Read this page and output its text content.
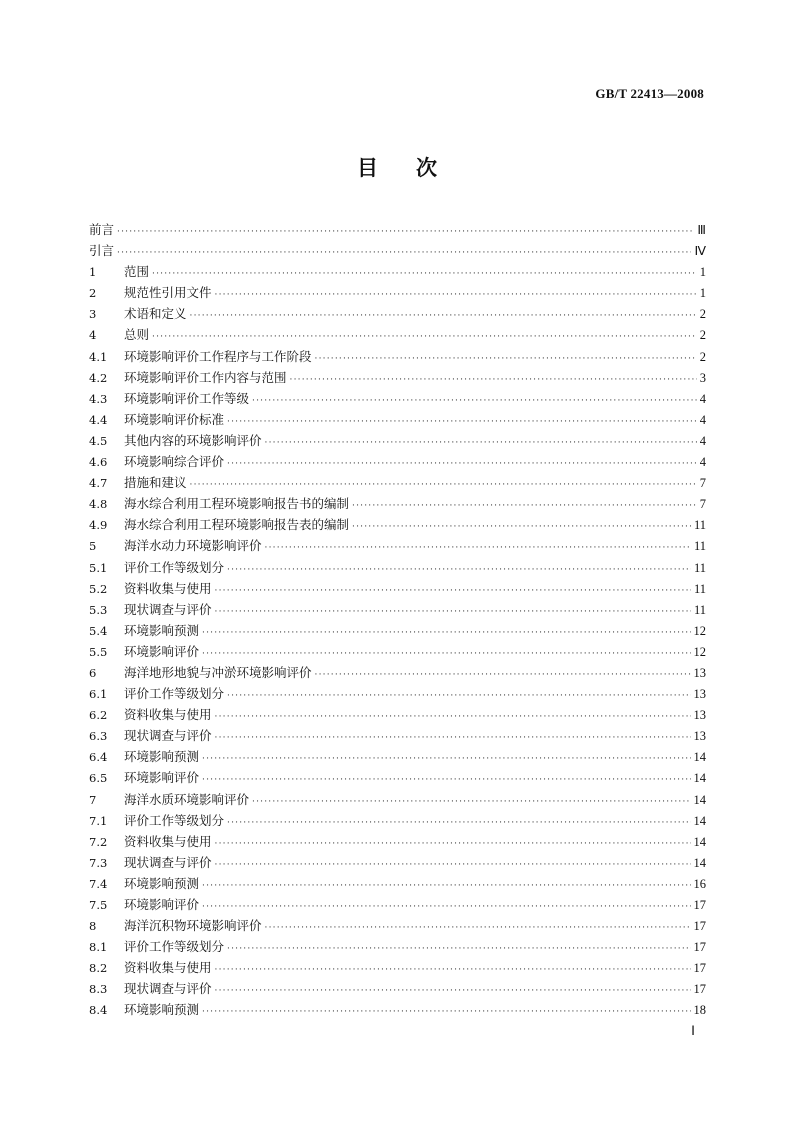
GB/T 22413—2008
目次
前言 ·····	Ⅲ
引言 ·····	Ⅳ
1	范围 ·····	1
2	规范性引用文件 ·····	1
3	术语和定义 ·····	2
4	总则 ·····	2
4.1	环境影响评价工作程序与工作阶段 ·····	2
4.2	环境影响评价工作内容与范围 ·····	3
4.3	环境影响评价工作等级 ·····	4
4.4	环境影响评价标准 ·····	4
4.5	其他内容的环境影响评价 ·····	4
4.6	环境影响综合评价 ·····	4
4.7	措施和建议 ·····	7
4.8	海水综合利用工程环境影响报告书的编制 ·····	7
4.9	海水综合利用工程环境影响报告表的编制 ·····	11
5	海洋水动力环境影响评价 ·····	11
5.1	评价工作等级划分 ·····	11
5.2	资料收集与使用 ·····	11
5.3	现状调查与评价 ·····	11
5.4	环境影响预测 ·····	12
5.5	环境影响评价 ·····	12
6	海洋地形地貌与冲淤环境影响评价 ·····	13
6.1	评价工作等级划分 ·····	13
6.2	资料收集与使用 ·····	13
6.3	现状调查与评价 ·····	13
6.4	环境影响预测 ·····	14
6.5	环境影响评价 ·····	14
7	海洋水质环境影响评价 ·····	14
7.1	评价工作等级划分 ·····	14
7.2	资料收集与使用 ·····	14
7.3	现状调查与评价 ·····	14
7.4	环境影响预测 ·····	16
7.5	环境影响评价 ·····	17
8	海洋沉积物环境影响评价 ·····	17
8.1	评价工作等级划分 ·····	17
8.2	资料收集与使用 ·····	17
8.3	现状调查与评价 ·····	17
8.4	环境影响预测 ·····	18
Ⅰ
